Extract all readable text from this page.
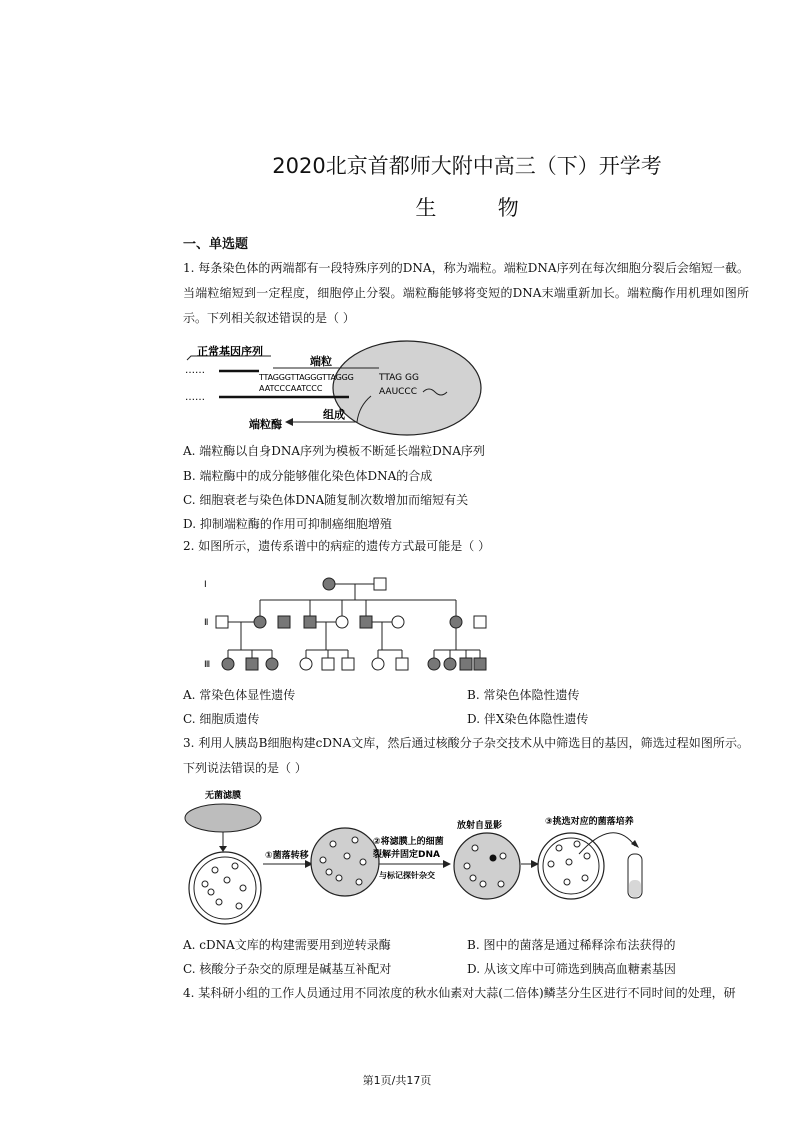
2020北京首都师大附中高三（下）开学考
生	物
一、单选题
1. 每条染色体的两端都有一段特殊序列的DNA，称为端粒。端粒DNA序列在每次细胞分裂后会缩短一截。当端粒缩短到一定程度，细胞停止分裂。端粒酶能够将变短的DNA末端重新加长。端粒酶作用机理如图所示。下列相关叙述错误的是（ ）
正常基因序列
端粒
……
TTAGGGTTAGGGTTAGGG	TTAG GG
AATCCCAATCCC	AAUCCC
……
组成
端粒酶
A. 端粒酶以自身DNA序列为模板不断延长端粒DNA序列
B. 端粒酶中的成分能够催化染色体DNA的合成
C. 细胞衰老与染色体DNA随复制次数增加而缩短有关
D. 抑制端粒酶的作用可抑制癌细胞增殖
2. 如图所示，遗传系谱中的病症的遗传方式最可能是（ ）
Ⅰ
Ⅱ
Ⅲ
A. 常染色体显性遗传	B. 常染色体隐性遗传
C. 细胞质遗传	D. 伴X染色体隐性遗传
3. 利用人胰岛B细胞构建cDNA文库，然后通过核酸分子杂交技术从中筛选目的基因，筛选过程如图所示。下列说法错误的是（ ）
无菌滤膜
①菌落转移
②将滤膜上的细菌
裂解并固定DNA
与标记探针杂交
放射自显影	③挑选对应的菌落培养
A. cDNA文库的构建需要用到逆转录酶	B. 图中的菌落是通过稀释涂布法获得的
C. 核酸分子杂交的原理是碱基互补配对	D. 从该文库中可筛选到胰高血糖素基因
4. 某科研小组的工作人员通过用不同浓度的秋水仙素对大蒜(二倍体)鳞茎分生区进行不同时间的处理，研
第1页/共17页
